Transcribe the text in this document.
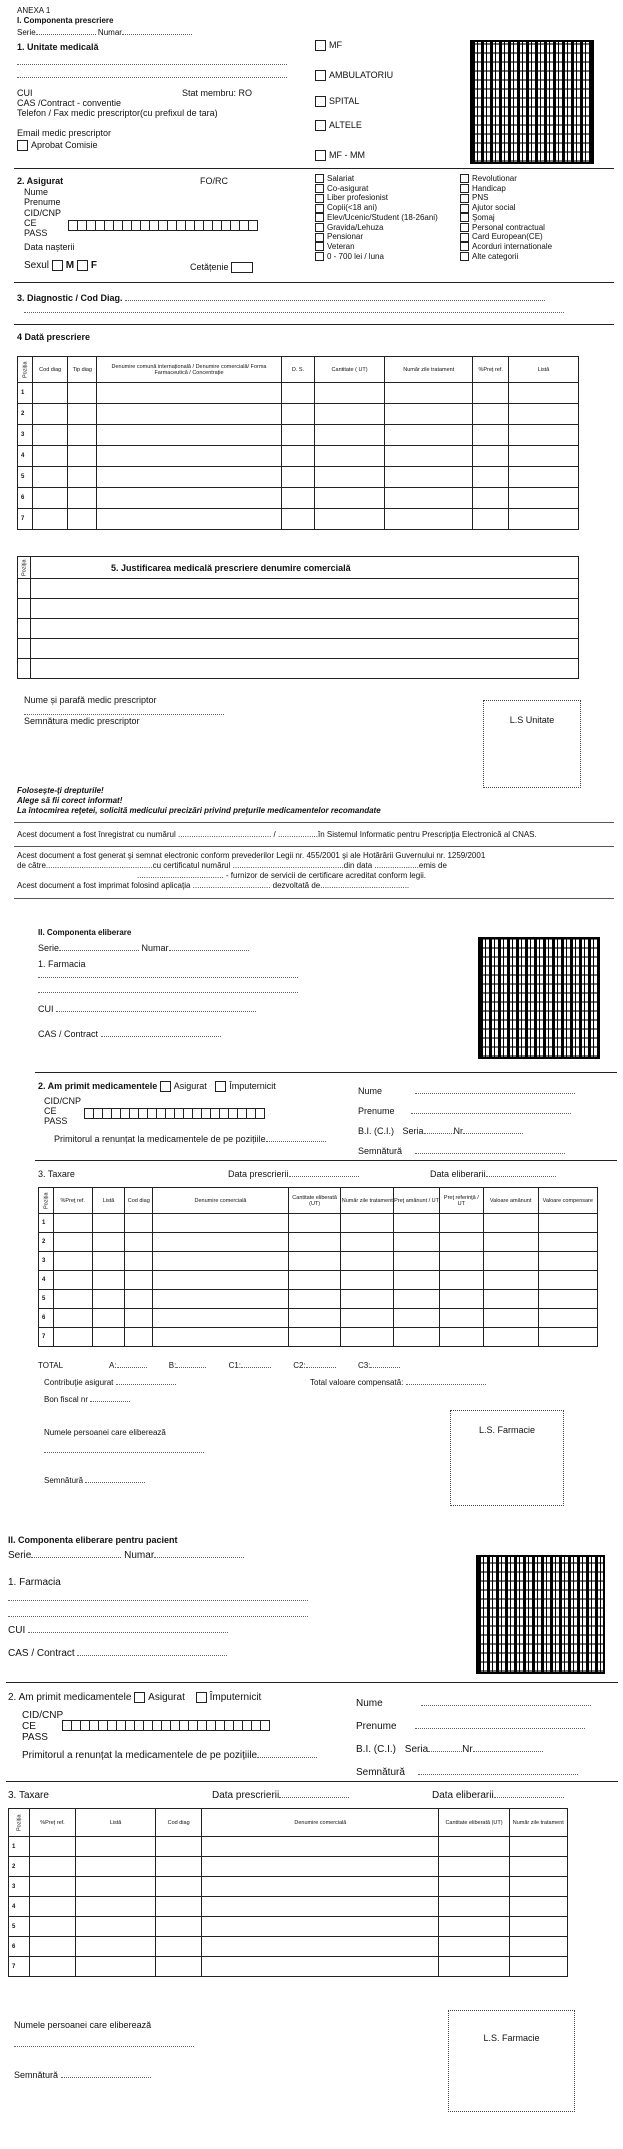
ANEXA 1
I. Componenta prescriere
Serie	Numar
1. Unitate medicală
CUI	Stat membru: RO
CAS /Contract - conventie
Telefon / Fax medic prescriptor(cu prefixul de tara)
Email medic prescriptor
Aprobat Comisie
MF
AMBULATORIU
SPITAL
ALTELE
MF - MM
2. Asigurat	FO/RC
Nume
Prenume
CID/CNP
CE
PASS
Data nașterii
Sexul M F	Cetățenie
Salariat
Co-asigurat
Liber profesionist
Copii(<18 ani)
Elev/Ucenic/Student (18-26ani)
Gravida/Lehuza
Pensionar
Veteran
0 - 700 lei / luna
Revolutionar
Handicap
PNS
Ajutor social
Şomaj
Personal contractual
Card European(CE)
Acorduri internationale
Alte categorii
3. Diagnostic / Cod Diag.
4 Dată prescriere
Poziția	Cod diag	Tip diag	Denumire comună internațională / Denumire comercială/ Forma Farmaceutică / Concentrație	D. S.	Cantitate ( UT)	Număr zile tratament	%Preț ref.	Listă
1								
2								
3								
4								
5								
6								
7								
Poziţia	5. Justificarea medicală prescriere denumire comercială

Nume și parafă medic prescriptor
Semnătura medic prescriptor	L.S Unitate
Foloseşte-ţi drepturile!
Alege să fii corect informat!
La întocmirea reţetei, solicită medicului precizări privind preţurile medicamentelor recomandate
Acest document a fost înregistrat cu numărul .......................................... / ..................în Sistemul Informatic pentru Prescripţia Electronică al CNAS.
Acest document a fost generat şi semnat electronic conform prevederilor Legii nr. 455/2001 şi ale Hotărârii Guvernului nr. 1259/2001
de către................................................cu certificatul numărul ..................................................din data ....................emis de
....................................... - furnizor de servicii de certificare acreditat conform legii.
Acest document a fost imprimat folosind aplicaţia ................................... dezvoltată de........................................
II. Componenta eliberare
Serie	Numar
1. Farmacia
CUI
CAS / Contract
2. Am primit medicamentele Asigurat	Împuternicit
CID/CNP
CE
PASS
Primitorul a renunțat la medicamentele de pe pozițiile
Nume
Prenume
B.I. (C.I.) Seria	Nr
Semnătură
3. Taxare	Data prescrierii	Data eliberarii
Poziția	%Preţ ref.	Listă	Cod diag	Denumire comercială	Cantitate eliberată (UT)	Număr zile tratament	Preţ amănunt / UT	Preţ referinţă / UT	Valoare amănunt	Valoare compensare
1										
2										
3										
4										
5										
6										
7										
TOTAL	A:	B:	C1:	C2:	C3:
Contribuţie asigurat	Total valoare compensată:
Bon fiscal nr
Numele persoanei care eliberează
Semnătură
L.S. Farmacie
II. Componenta eliberare pentru pacient
Serie	Numar
1. Farmacia
CUI
CAS / Contract
2. Am primit medicamentele Asigurat Împuternicit
CID/CNP
CE
PASS
Primitorul a renunțat la medicamentele de pe pozițiile
Nume
Prenume
B.I. (C.I.) Seria	Nr
Semnătură
3. Taxare	Data prescrierii	Data eliberarii
Poziția	%Preț ref.	Listă	Cod diag	Denumire comercială	Cantitate eliberată (UT)	Număr zile tratament
1						
2						
3						
4						
5						
6						
7						
Numele persoanei care eliberează
Semnătură
L.S. Farmacie
